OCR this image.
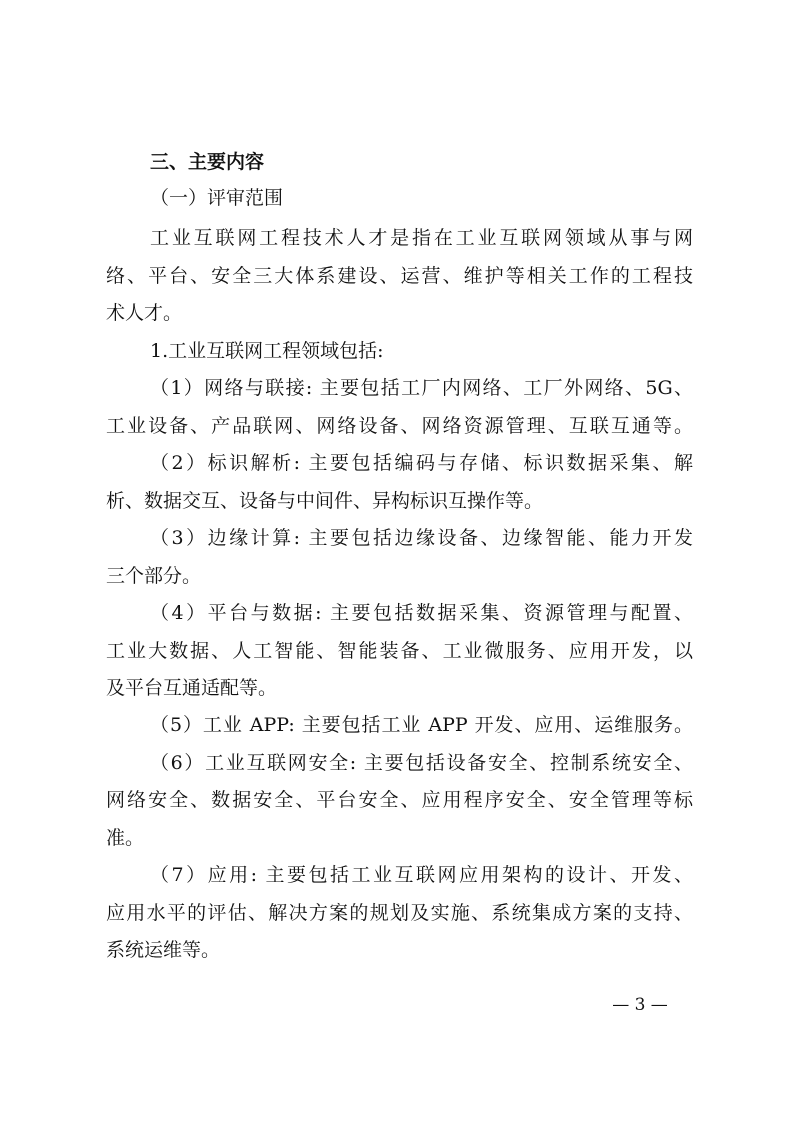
三、主要内容
（一）评审范围
工业互联网工程技术人才是指在工业互联网领域从事与网
络、平台、安全三大体系建设、运营、维护等相关工作的工程技
术人才。
1.工业互联网工程领域包括:
（1）网络与联接: 主要包括工厂内网络、工厂外网络、5G、
工业设备、产品联网、网络设备、网络资源管理、互联互通等。
（2）标识解析: 主要包括编码与存储、标识数据采集、解
析、数据交互、设备与中间件、异构标识互操作等。
（3）边缘计算: 主要包括边缘设备、边缘智能、能力开发
三个部分。
（4）平台与数据: 主要包括数据采集、资源管理与配置、
工业大数据、人工智能、智能装备、工业微服务、应用开发，以
及平台互通适配等。
（5）工业 APP: 主要包括工业 APP 开发、应用、运维服务。
（6）工业互联网安全: 主要包括设备安全、控制系统安全、
网络安全、数据安全、平台安全、应用程序安全、安全管理等标
准。
（7）应用: 主要包括工业互联网应用架构的设计、开发、
应用水平的评估、解决方案的规划及实施、系统集成方案的支持、
系统运维等。
— 3 —
